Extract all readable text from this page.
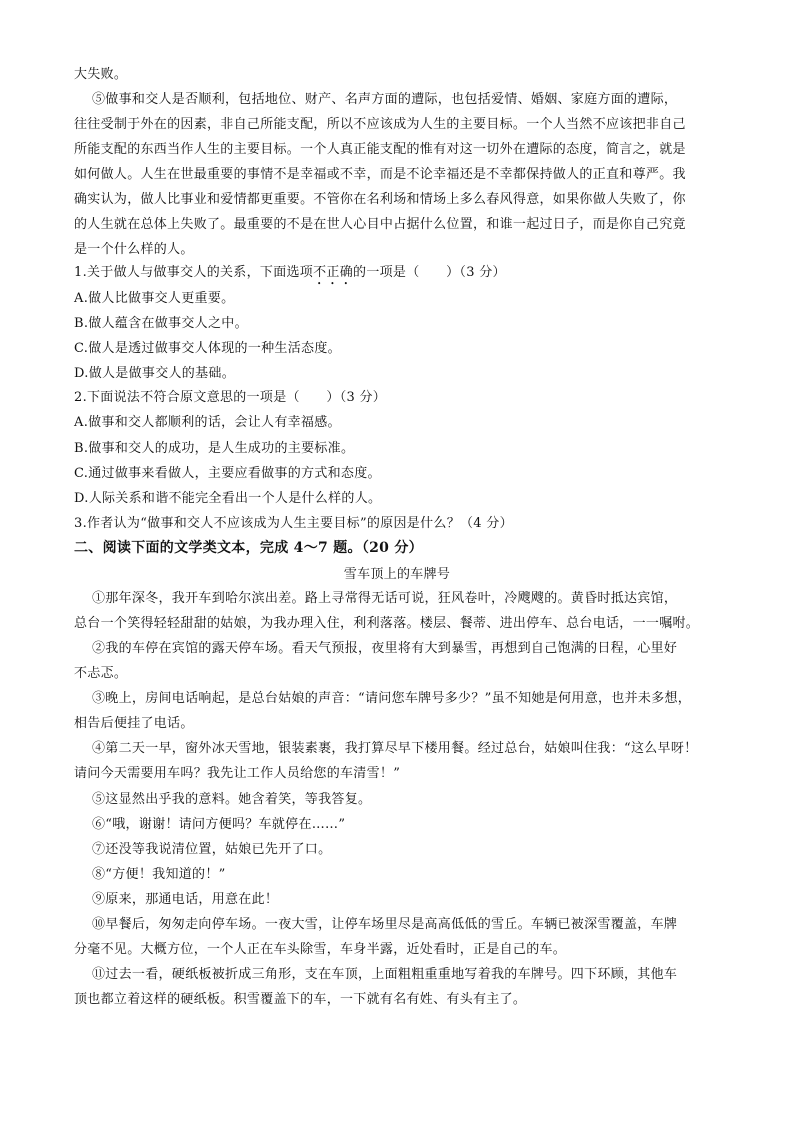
大失败。
⑤做事和交人是否顺利，包括地位、财产、名声方面的遭际，也包括爱情、婚姻、家庭方面的遭际，
往往受制于外在的因素，非自己所能支配，所以不应该成为人生的主要目标。一个人当然不应该把非自己
所能支配的东西当作人生的主要目标。一个人真正能支配的惟有对这一切外在遭际的态度，简言之，就是
如何做人。人生在世最重要的事情不是幸福或不幸，而是不论幸福还是不幸都保持做人的正直和尊严。我
确实认为，做人比事业和爱情都更重要。不管你在名利场和情场上多么春风得意，如果你做人失败了，你
的人生就在总体上失败了。最重要的不是在世人心目中占据什么位置，和谁一起过日子，而是你自己究竟
是一个什么样的人。
1.关于做人与做事交人的关系，下面选项不正确的一项是（　　）（3 分）
A.做人比做事交人更重要。
B.做人蕴含在做事交人之中。
C.做人是透过做事交人体现的一种生活态度。
D.做人是做事交人的基础。
2.下面说法不符合原文意思的一项是（　　）（3 分）
A.做事和交人都顺利的话，会让人有幸福感。
B.做事和交人的成功，是人生成功的主要标准。
C.通过做事来看做人，主要应看做事的方式和态度。
D.人际关系和谐不能完全看出一个人是什么样的人。
3.作者认为“做事和交人不应该成为人生主要目标”的原因是什么？（4 分）
二、阅读下面的文学类文本，完成 4～7 题。（20 分）
雪车顶上的车牌号
①那年深冬，我开车到哈尔滨出差。路上寻常得无话可说，狂风卷叶，冷飕飕的。黄昏时抵达宾馆，
总台一个笑得轻轻甜甜的姑娘，为我办理入住，利利落落。楼层、餐蒂、进出停车、总台电话，一一嘱咐。
②我的车停在宾馆的露天停车场。看天气预报，夜里将有大到暴雪，再想到自己饱满的日程，心里好
不忐忑。
③晚上，房间电话响起，是总台姑娘的声音：“请问您车牌号多少？”虽不知她是何用意，也并未多想，
相告后便挂了电话。
④第二天一早，窗外冰天雪地，银装素裹，我打算尽早下楼用餐。经过总台，姑娘叫住我：“这么早呀！
请问今天需要用车吗？我先让工作人员给您的车清雪！”
⑤这显然出乎我的意料。她含着笑，等我答复。
⑥“哦，谢谢！请问方便吗？车就停在……”
⑦还没等我说清位置，姑娘已先开了口。
⑧“方便！我知道的！”
⑨原来，那通电话，用意在此！
⑩早餐后，匆匆走向停车场。一夜大雪，让停车场里尽是高高低低的雪丘。车辆已被深雪覆盖，车牌
分毫不见。大概方位，一个人正在车头除雪，车身半露，近处看时，正是自己的车。
⑪过去一看，硬纸板被折成三角形，支在车顶，上面粗粗重重地写着我的车牌号。四下环顾，其他车
顶也都立着这样的硬纸板。积雪覆盖下的车，一下就有名有姓、有头有主了。
